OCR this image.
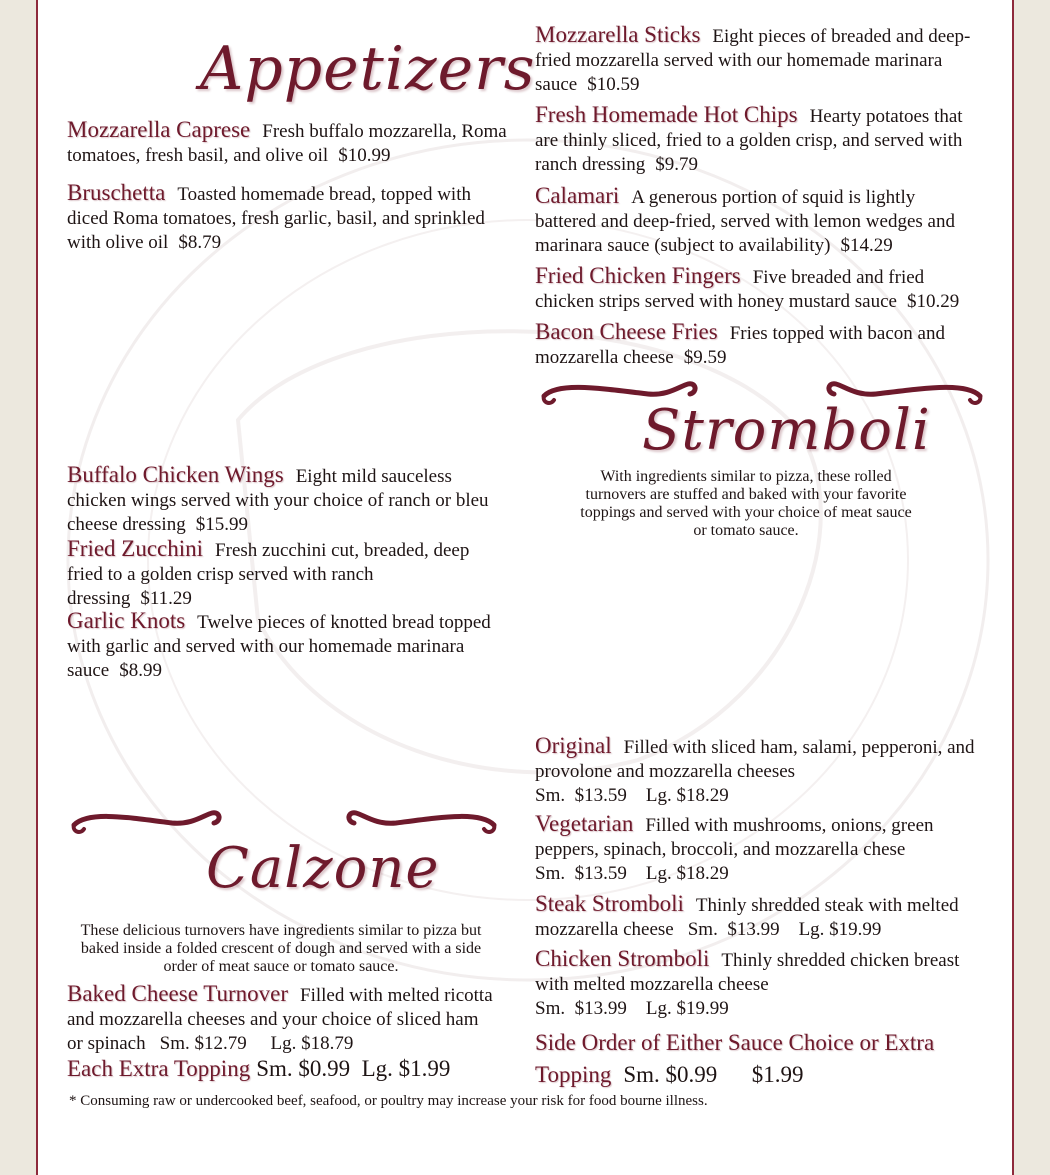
Appetizers
Mozzarella Caprese Fresh buffalo mozzarella, Roma tomatoes, fresh basil, and olive oil $10.99
Bruschetta Toasted homemade bread, topped with diced Roma tomatoes, fresh garlic, basil, and sprinkled with olive oil $8.79
Buffalo Chicken Wings Eight mild sauceless chicken wings served with your choice of ranch or bleu cheese dressing $15.99
Fried Zucchini Fresh zucchini cut, breaded, deep fried to a golden crisp served with ranch dressing $11.29
Garlic Knots Twelve pieces of knotted bread topped with garlic and served with our homemade marinara sauce $8.99
Mozzarella Sticks Eight pieces of breaded and deep-fried mozzarella served with our homemade marinara sauce $10.59
Fresh Homemade Hot Chips Hearty potatoes that are thinly sliced, fried to a golden crisp, and served with ranch dressing $9.79
Calamari A generous portion of squid is lightly battered and deep-fried, served with lemon wedges and marinara sauce (subject to availability) $14.29
Fried Chicken Fingers Five breaded and fried chicken strips served with honey mustard sauce $10.29
Bacon Cheese Fries Fries topped with bacon and mozzarella cheese $9.59
Stromboli
With ingredients similar to pizza, these rolled turnovers are stuffed and baked with your favorite toppings and served with your choice of meat sauce or tomato sauce.
Original Filled with sliced ham, salami, pepperoni, and provolone and mozzarella cheeses
Sm.  $13.59    Lg. $18.29
Vegetarian Filled with mushrooms, onions, green peppers, spinach, broccoli, and mozzarella chese
Sm.  $13.59    Lg. $18.29
Steak Stromboli Thinly shredded steak with melted mozzarella cheese Sm.  $13.99    Lg. $19.99
Chicken Stromboli Thinly shredded chicken breast with melted mozzarella cheese
Sm.  $13.99    Lg. $19.99
Side Order of Either Sauce Choice or Extra Topping Sm. $0.99      $1.99
Calzone
These delicious turnovers have ingredients similar to pizza but baked inside a folded crescent of dough and served with a side order of meat sauce or tomato sauce.
Baked Cheese Turnover Filled with melted ricotta and mozzarella cheeses and your choice of sliced ham or spinach Sm. $12.79     Lg. $18.79
Each Extra Topping Sm. $0.99  Lg. $1.99
* Consuming raw or undercooked beef, seafood, or poultry may increase your risk for food bourne illness.
